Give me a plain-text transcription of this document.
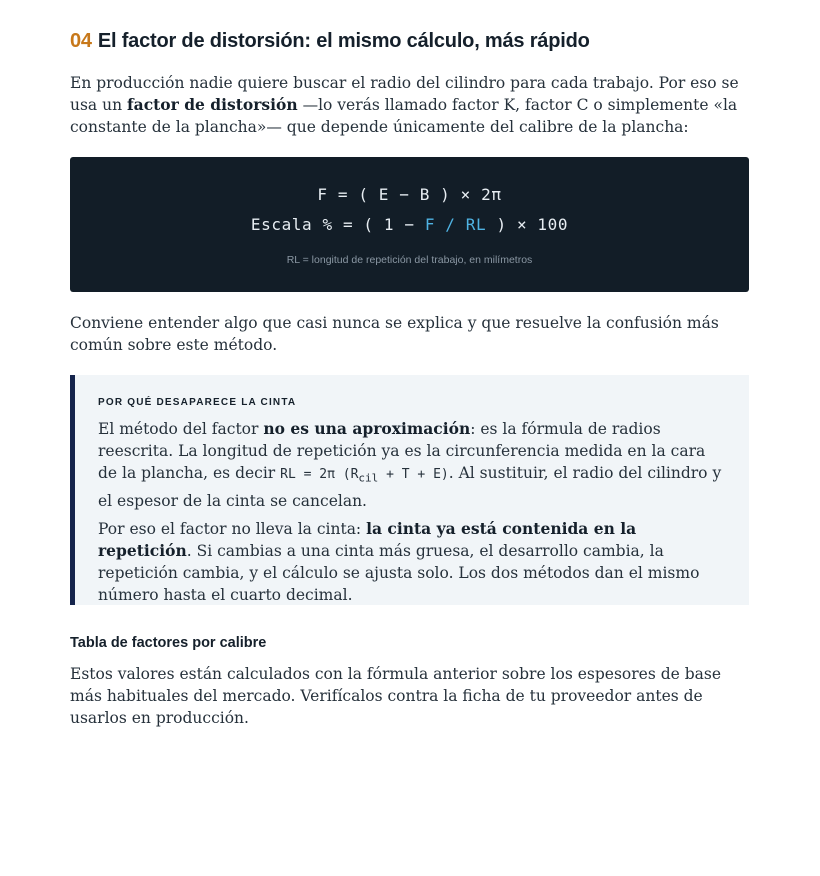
04 El factor de distorsión: el mismo cálculo, más rápido

En producción nadie quiere buscar el radio del cilindro para cada trabajo. Por eso se usa un factor de distorsión —lo verás llamado factor K, factor C o simplemente «la constante de la plancha»— que depende únicamente del calibre de la plancha:

F = ( E − B ) × 2π
Escala % = ( 1 − F / RL ) × 100
RL = longitud de repetición del trabajo, en milímetros

Conviene entender algo que casi nunca se explica y que resuelve la confusión más común sobre este método.

POR QUÉ DESAPARECE LA CINTA

El método del factor no es una aproximación: es la fórmula de radios reescrita. La longitud de repetición ya es la circunferencia medida en la cara de la plancha, es decir RL = 2π $(R_{cil} + T + E)$. Al sustituir, el radio del cilindro y el espesor de la cinta se cancelan.

Por eso el factor no lleva la cinta: la cinta ya está contenida en la repetición. Si cambias a una cinta más gruesa, el desarrollo cambia, la repetición cambia, y el cálculo se ajusta solo. Los dos métodos dan el mismo número hasta el cuarto decimal.

Tabla de factores por calibre

Estos valores están calculados con la fórmula anterior sobre los espesores de base más habituales del mercado. Verifícalos contra la ficha de tu proveedor antes de usarlos en producción.
